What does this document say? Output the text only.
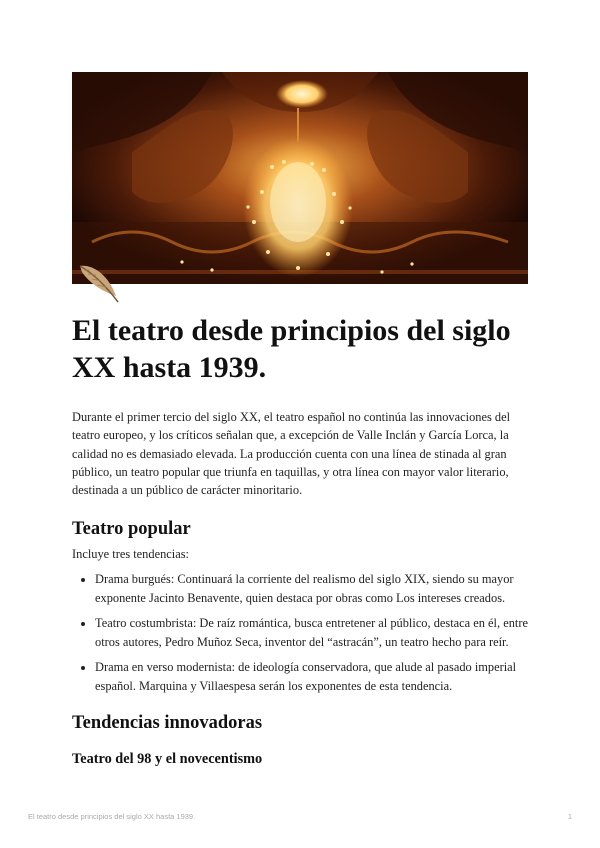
El teatro desde principios del siglo XX hasta 1939.

Durante el primer tercio del siglo XX, el teatro español no continúa las innovaciones del teatro europeo, y los críticos señalan que, a excepción de Valle Inclán y García Lorca, la calidad no es demasiado elevada. La producción cuenta con una línea de stinada al gran público, un teatro popular que triunfa en taquillas, y otra línea con mayor valor literario, destinada a un público de carácter minoritario.

Teatro popular

Incluye tres tendencias:

Drama burgués: Continuará la corriente del realismo del siglo XIX, siendo su mayor exponente Jacinto Benavente, quien destaca por obras como Los intereses creados.
Teatro costumbrista: De raíz romántica, busca entretener al público, destaca en él, entre otros autores, Pedro Muñoz Seca, inventor del “astracán”, un teatro hecho para reír.
Drama en verso modernista: de ideología conservadora, que alude al pasado imperial español. Marquina y Villaespesa serán los exponentes de esta tendencia.
Tendencias innovadoras
Teatro del 98 y el novecentismo
El teatro desde principios del siglo XX hasta 1939.	1
